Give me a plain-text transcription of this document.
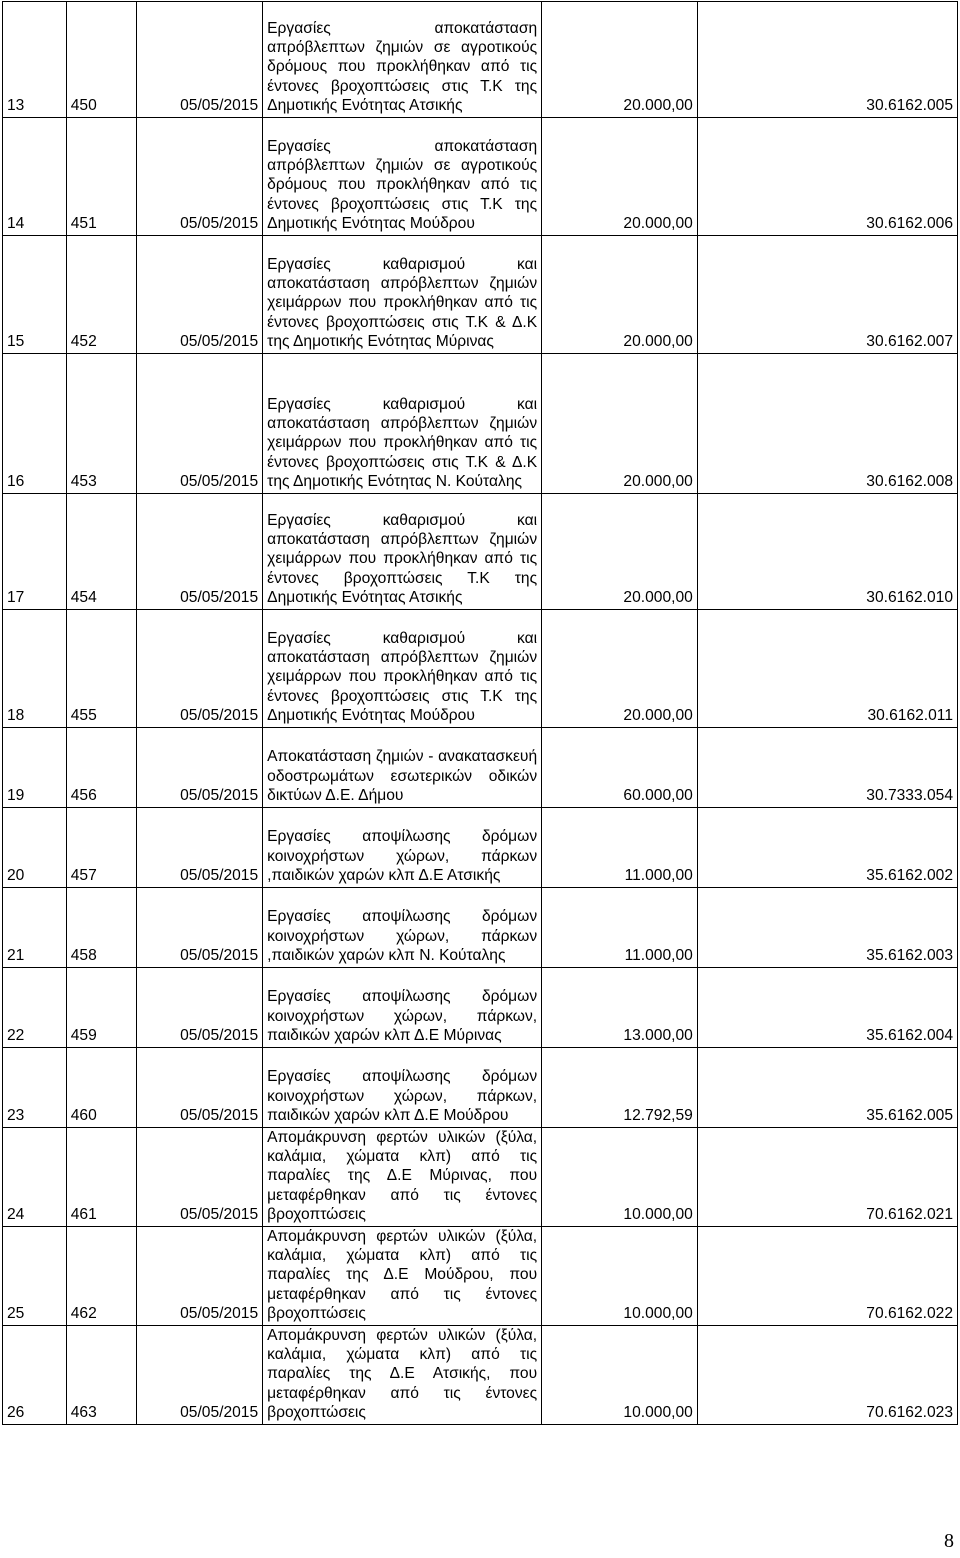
13	450	05/05/2015	Εργασίες αποκατάσταση απρόβλεπτων ζημιών σε αγροτικούς δρόμους που προκλήθηκαν από τις έντονες βροχοπτώσεις στις Τ.Κ της Δημοτικής Ενότητας Ατσικής	20.000,00	30.6162.005
14	451	05/05/2015	Εργασίες αποκατάσταση απρόβλεπτων ζημιών σε αγροτικούς δρόμους που προκλήθηκαν από τις έντονες βροχοπτώσεις στις Τ.Κ της Δημοτικής Ενότητας Μούδρου	20.000,00	30.6162.006
15	452	05/05/2015	Εργασίες καθαρισμού και αποκατάσταση απρόβλεπτων ζημιών χειμάρρων που προκλήθηκαν από τις έντονες βροχοπτώσεις στις Τ.Κ & Δ.Κ της Δημοτικής Ενότητας Μύρινας	20.000,00	30.6162.007
16	453	05/05/2015	Εργασίες καθαρισμού και αποκατάσταση απρόβλεπτων ζημιών χειμάρρων που προκλήθηκαν από τις έντονες βροχοπτώσεις στις Τ.Κ & Δ.Κ της Δημοτικής Ενότητας Ν. Κούταλης	20.000,00	30.6162.008
17	454	05/05/2015	Εργασίες καθαρισμού και αποκατάσταση απρόβλεπτων ζημιών χειμάρρων που προκλήθηκαν από τις έντονες βροχοπτώσεις Τ.Κ της Δημοτικής Ενότητας Ατσικής	20.000,00	30.6162.010
18	455	05/05/2015	Εργασίες καθαρισμού και αποκατάσταση απρόβλεπτων ζημιών χειμάρρων που προκλήθηκαν από τις έντονες βροχοπτώσεις στις Τ.Κ της Δημοτικής Ενότητας Μούδρου	20.000,00	30.6162.011
19	456	05/05/2015	Αποκατάσταση ζημιών - ανακατασκευή οδοστρωμάτων εσωτερικών οδικών δικτύων Δ.Ε. Δήμου	60.000,00	30.7333.054
20	457	05/05/2015	Εργασίες αποψίλωσης δρόμων κοινοχρήστων χώρων, πάρκων ,παιδικών χαρών κλπ Δ.Ε Ατσικής	11.000,00	35.6162.002
21	458	05/05/2015	Εργασίες αποψίλωσης δρόμων κοινοχρήστων χώρων, πάρκων ,παιδικών χαρών κλπ Ν. Κούταλης	11.000,00	35.6162.003
22	459	05/05/2015	Εργασίες αποψίλωσης δρόμων κοινοχρήστων χώρων, πάρκων, παιδικών χαρών κλπ Δ.Ε Μύρινας	13.000,00	35.6162.004
23	460	05/05/2015	Εργασίες αποψίλωσης δρόμων κοινοχρήστων χώρων, πάρκων, παιδικών χαρών κλπ Δ.Ε Μούδρου	12.792,59	35.6162.005
24	461	05/05/2015	Απομάκρυνση φερτών υλικών (ξύλα, καλάμια, χώματα κλπ) από τις παραλίες της Δ.Ε Μύρινας, που μεταφέρθηκαν από τις έντονες βροχοπτώσεις	10.000,00	70.6162.021
25	462	05/05/2015	Απομάκρυνση φερτών υλικών (ξύλα, καλάμια, χώματα κλπ) από τις παραλίες της Δ.Ε Μούδρου, που μεταφέρθηκαν από τις έντονες βροχοπτώσεις	10.000,00	70.6162.022
26	463	05/05/2015	Απομάκρυνση φερτών υλικών (ξύλα, καλάμια, χώματα κλπ) από τις παραλίες της Δ.Ε Ατσικής, που μεταφέρθηκαν από τις έντονες βροχοπτώσεις	10.000,00	70.6162.023
8
